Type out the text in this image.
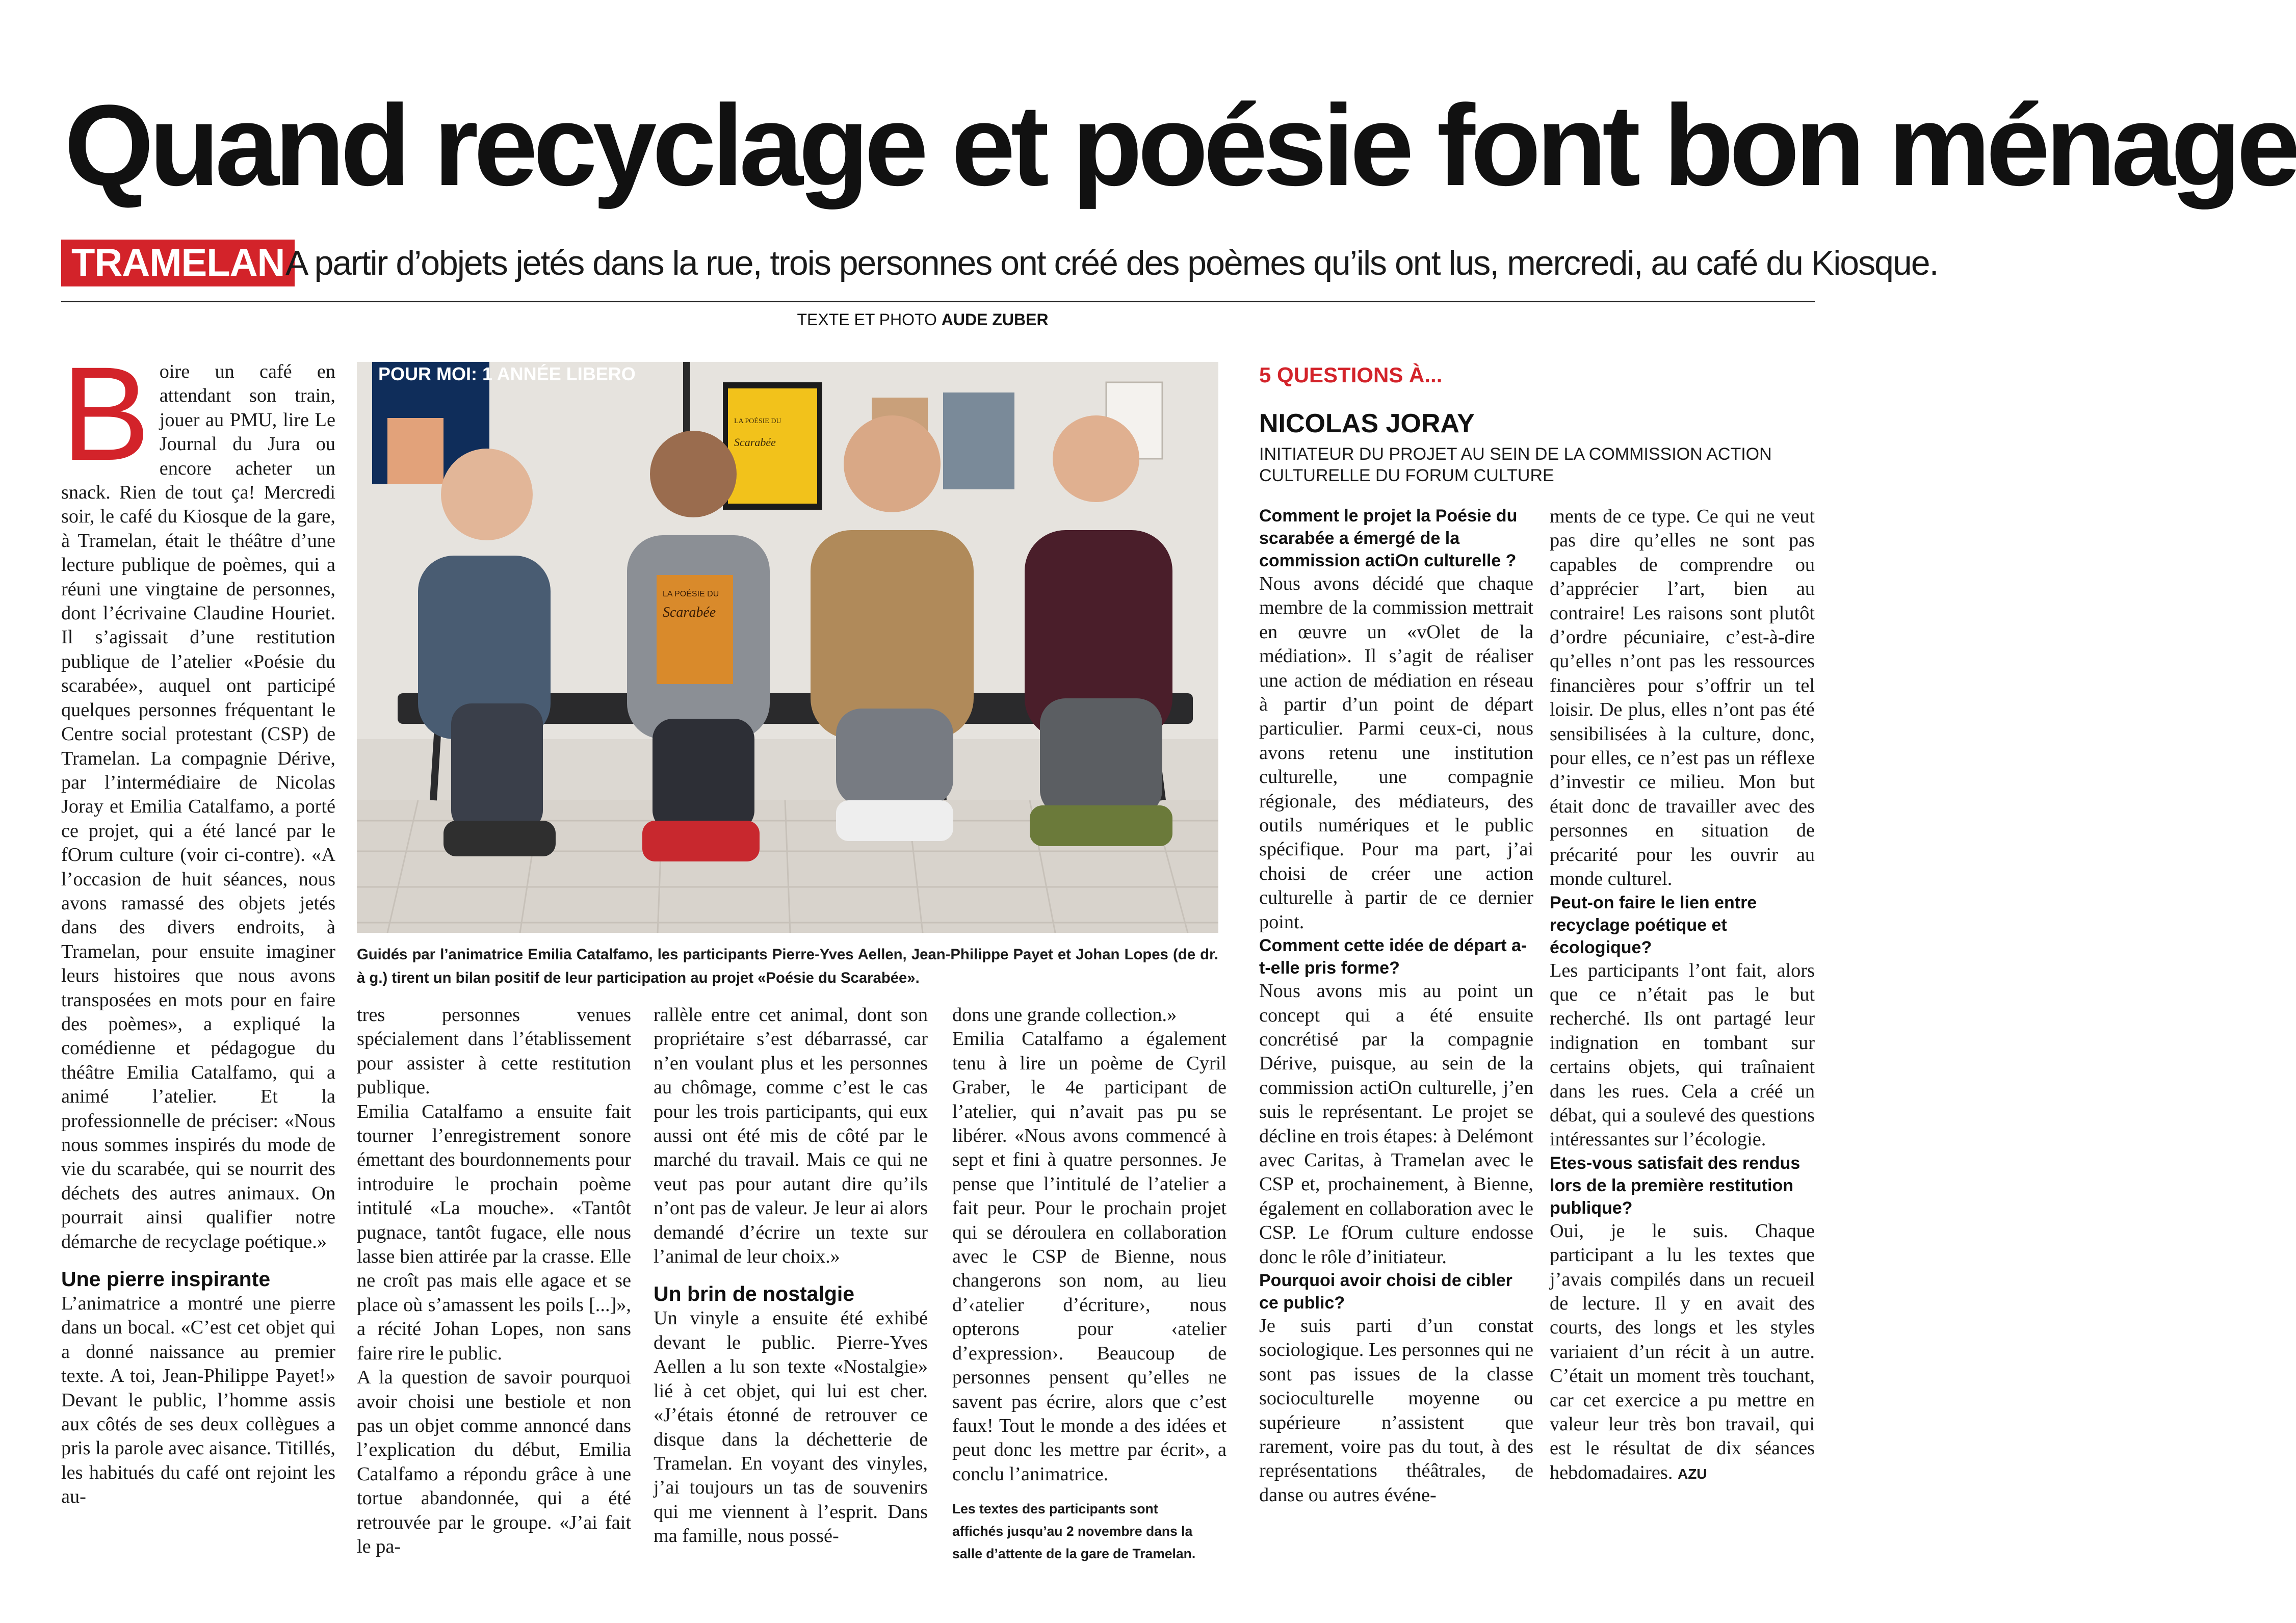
Quand recyclage et poésie font bon ménage
TRAMELAN A partir d’objets jetés dans la rue, trois personnes ont créé des poèmes qu’ils ont lus, mercredi, au café du Kiosque.
TEXTE ET PHOTO AUDE ZUBER

Boire un café en attendant son train, jouer au PMU, lire Le Journal du Jura ou encore acheter un snack. Rien de tout ça! Mercredi soir, le café du Kiosque de la gare, à Tramelan, était le théâtre d’une lecture publique de poèmes, qui a réuni une vingtaine de personnes, dont l’écrivaine Claudine Houriet. Il s’agissait d’une restitution publique de l’atelier «Poésie du scarabée», auquel ont participé quelques personnes fréquentant le Centre social protestant (CSP) de Tramelan. La compagnie Dérive, par l’intermédiaire de Nicolas Joray et Emilia Catalfamo, a porté ce projet, qui a été lancé par le fOrum culture (voir ci-contre). «A l’occasion de huit séances, nous avons ramassé des objets jetés dans des divers endroits, à Tramelan, pour ensuite imaginer leurs histoires que nous avons transposées en mots pour en faire des poèmes», a expliqué la comédienne et pédagogue du théâtre Emilia Catalfamo, qui a animé l’atelier. Et la professionnelle de préciser: «Nous nous sommes inspirés du mode de vie du scarabée, qui se nourrit des déchets des autres animaux. On pourrait ainsi qualifier notre démarche de recyclage poétique.»

Une pierre inspirante

L’animatrice a montré une pierre dans un bocal. «C’est cet objet qui a donné naissance au premier texte. A toi, Jean-Philippe Payet!» Devant le public, l’homme assis aux côtés de ses deux collègues a pris la parole avec aisance. Titillés, les habitués du café ont rejoint les au-

POUR MOI: 1 ANNÉE LIBERO
LA POÉSIE DU
Scarabée
LA POÉSIE DU
Scarabée
Guidés par l’animatrice Emilia Catalfamo, les participants Pierre-Yves Aellen, Jean-Philippe Payet et Johan Lopes (de dr. à g.) tirent un bilan positif de leur participation au projet «Poésie du Scarabée».

tres personnes venues spécialement dans l’établissement pour assister à cette restitution publique.

Emilia Catalfamo a ensuite fait tourner l’enregistrement sonore émettant des bourdonnements pour introduire le prochain poème intitulé «La mouche». «Tantôt pugnace, tantôt fugace, elle nous lasse bien attirée par la crasse. Elle ne croît pas mais elle agace et se place où s’amassent les poils [...]», a récité Johan Lopes, non sans faire rire le public.

A la question de savoir pourquoi avoir choisi une bestiole et non pas un objet comme annoncé dans l’explication du début, Emilia Catalfamo a répondu grâce à une tortue abandonnée, qui a été retrouvée par le groupe. «J’ai fait le pa-

rallèle entre cet animal, dont son propriétaire s’est débarrassé, car n’en voulant plus et les personnes au chômage, comme c’est le cas pour les trois participants, qui eux aussi ont été mis de côté par le marché du travail. Mais ce qui ne veut pas pour autant dire qu’ils n’ont pas de valeur. Je leur ai alors demandé d’écrire un texte sur l’animal de leur choix.»

Un brin de nostalgie

Un vinyle a ensuite été exhibé devant le public. Pierre-Yves Aellen a lu son texte «Nostalgie» lié à cet objet, qui lui est cher. «J’étais étonné de retrouver ce disque dans la déchetterie de Tramelan. En voyant des vinyles, j’ai toujours un tas de souvenirs qui me viennent à l’esprit. Dans ma famille, nous possé-

dons une grande collection.»

Emilia Catalfamo a également tenu à lire un poème de Cyril Graber, le 4e participant de l’atelier, qui n’avait pas pu se libérer. «Nous avons commencé à sept et fini à quatre personnes. Je pense que l’intitulé de l’atelier a fait peur. Pour le prochain projet qui se déroulera en collaboration avec le CSP de Bienne, nous changerons son nom, au lieu d’‹atelier d’écriture›, nous opterons pour ‹atelier d’expression›. Beaucoup de personnes pensent qu’elles ne savent pas écrire, alors que c’est faux! Tout le monde a des idées et peut donc les mettre par écrit», a conclu l’animatrice.

Les textes des participants sont affichés jusqu’au 2 novembre dans la salle d’attente de la gare de Tramelan.
5 QUESTIONS À...
NICOLAS JORAY
INITIATEUR DU PROJET AU SEIN DE LA COMMISSION ACTION CULTURELLE DU FORUM CULTURE

Comment le projet la Poésie du scarabée a émergé de la commission actiOn culturelle ?

Nous avons décidé que chaque membre de la commission mettrait en œuvre un «vOlet de la médiation». Il s’agit de réaliser une action de médiation en réseau à partir d’un point de départ particulier. Parmi ceux-ci, nous avons retenu une institution culturelle, une compagnie régionale, des médiateurs, des outils numériques et le public spécifique. Pour ma part, j’ai choisi de créer une action culturelle à partir de ce dernier point.

Comment cette idée de départ a-t-elle pris forme?

Nous avons mis au point un concept qui a été ensuite concrétisé par la compagnie Dérive, puisque, au sein de la commission actiOn culturelle, j’en suis le représentant. Le projet se décline en trois étapes: à Delémont avec Caritas, à Tramelan avec le CSP et, prochainement, à Bienne, également en collaboration avec le CSP. Le fOrum culture endosse donc le rôle d’initiateur.

Pourquoi avoir choisi de cibler ce public?

Je suis parti d’un constat sociologique. Les personnes qui ne sont pas issues de la classe socioculturelle moyenne ou supérieure n’assistent que rarement, voire pas du tout, à des représentations théâtrales, de danse ou autres événe-

ments de ce type. Ce qui ne veut pas dire qu’elles ne sont pas capables de comprendre ou d’apprécier l’art, bien au contraire! Les raisons sont plutôt d’ordre pécuniaire, c’est-à-dire qu’elles n’ont pas les ressources financières pour s’offrir un tel loisir. De plus, elles n’ont pas été sensibilisées à la culture, donc, pour elles, ce n’est pas un réflexe d’investir ce milieu. Mon but était donc de travailler avec des personnes en situation de précarité pour les ouvrir au monde culturel.

Peut-on faire le lien entre recyclage poétique et écologique?

Les participants l’ont fait, alors que ce n’était pas le but recherché. Ils ont partagé leur indignation en tombant sur certains objets, qui traînaient dans les rues. Cela a créé un débat, qui a soulevé des questions intéressantes sur l’écologie.

Etes-vous satisfait des rendus lors de la première restitution publique?

Oui, je le suis. Chaque participant a lu les textes que j’avais compilés dans un recueil de lecture. Il y en avait des courts, des longs et les styles variaient d’un récit à un autre. C’était un moment très touchant, car cet exercice a pu mettre en valeur leur très bon travail, qui est le résultat de dix séances hebdomadaires. AZU
